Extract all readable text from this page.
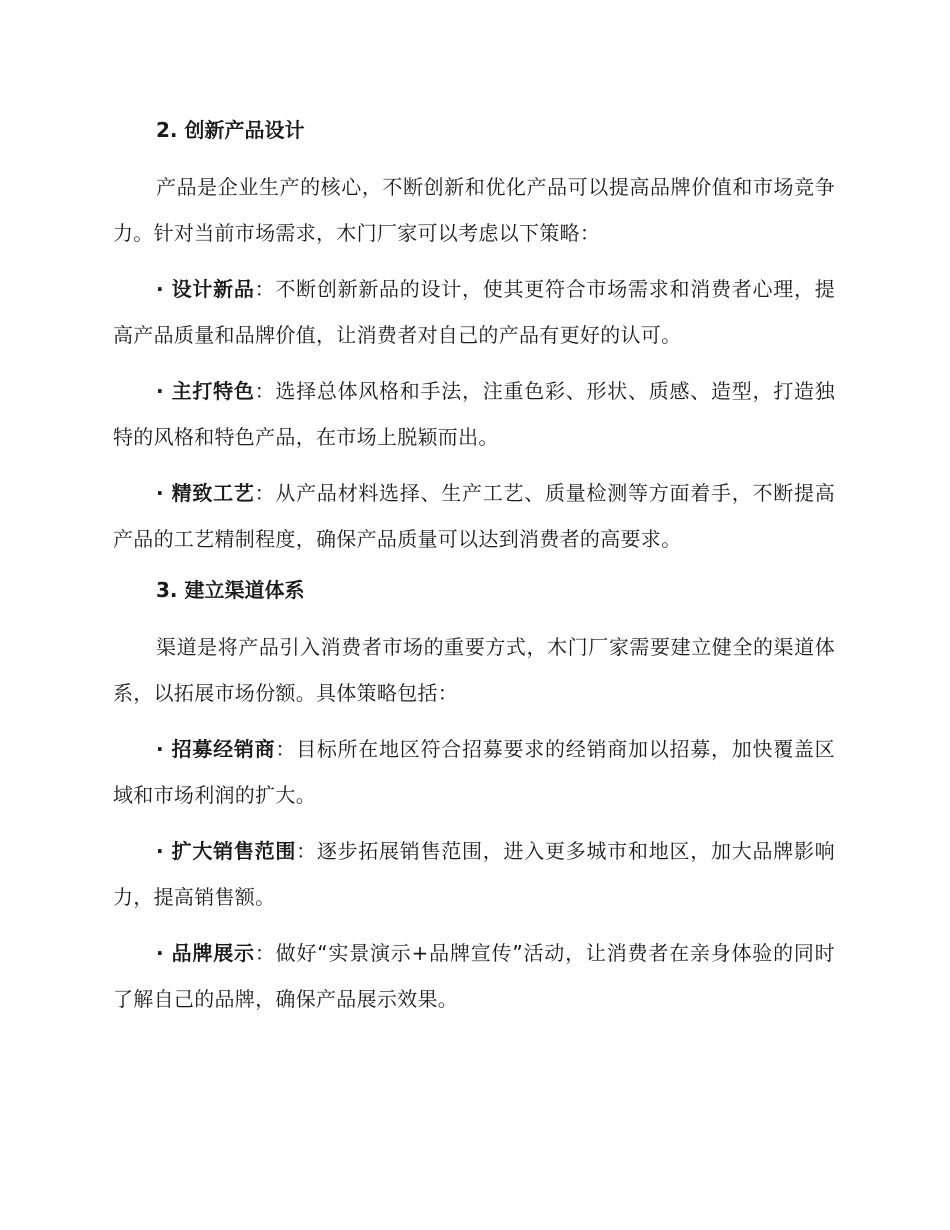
2. 创新产品设计

产品是企业生产的核心，不断创新和优化产品可以提高品牌价值和市场竞争力。针对当前市场需求，木门厂家可以考虑以下策略：

· 设计新品：不断创新新品的设计，使其更符合市场需求和消费者心理，提高产品质量和品牌价值，让消费者对自己的产品有更好的认可。

· 主打特色：选择总体风格和手法，注重色彩、形状、质感、造型，打造独特的风格和特色产品，在市场上脱颖而出。

· 精致工艺：从产品材料选择、生产工艺、质量检测等方面着手，不断提高产品的工艺精制程度，确保产品质量可以达到消费者的高要求。

3. 建立渠道体系

渠道是将产品引入消费者市场的重要方式，木门厂家需要建立健全的渠道体系，以拓展市场份额。具体策略包括：

· 招募经销商：目标所在地区符合招募要求的经销商加以招募，加快覆盖区域和市场利润的扩大。

· 扩大销售范围：逐步拓展销售范围，进入更多城市和地区，加大品牌影响力，提高销售额。

· 品牌展示：做好“实景演示+品牌宣传”活动，让消费者在亲身体验的同时了解自己的品牌，确保产品展示效果。
